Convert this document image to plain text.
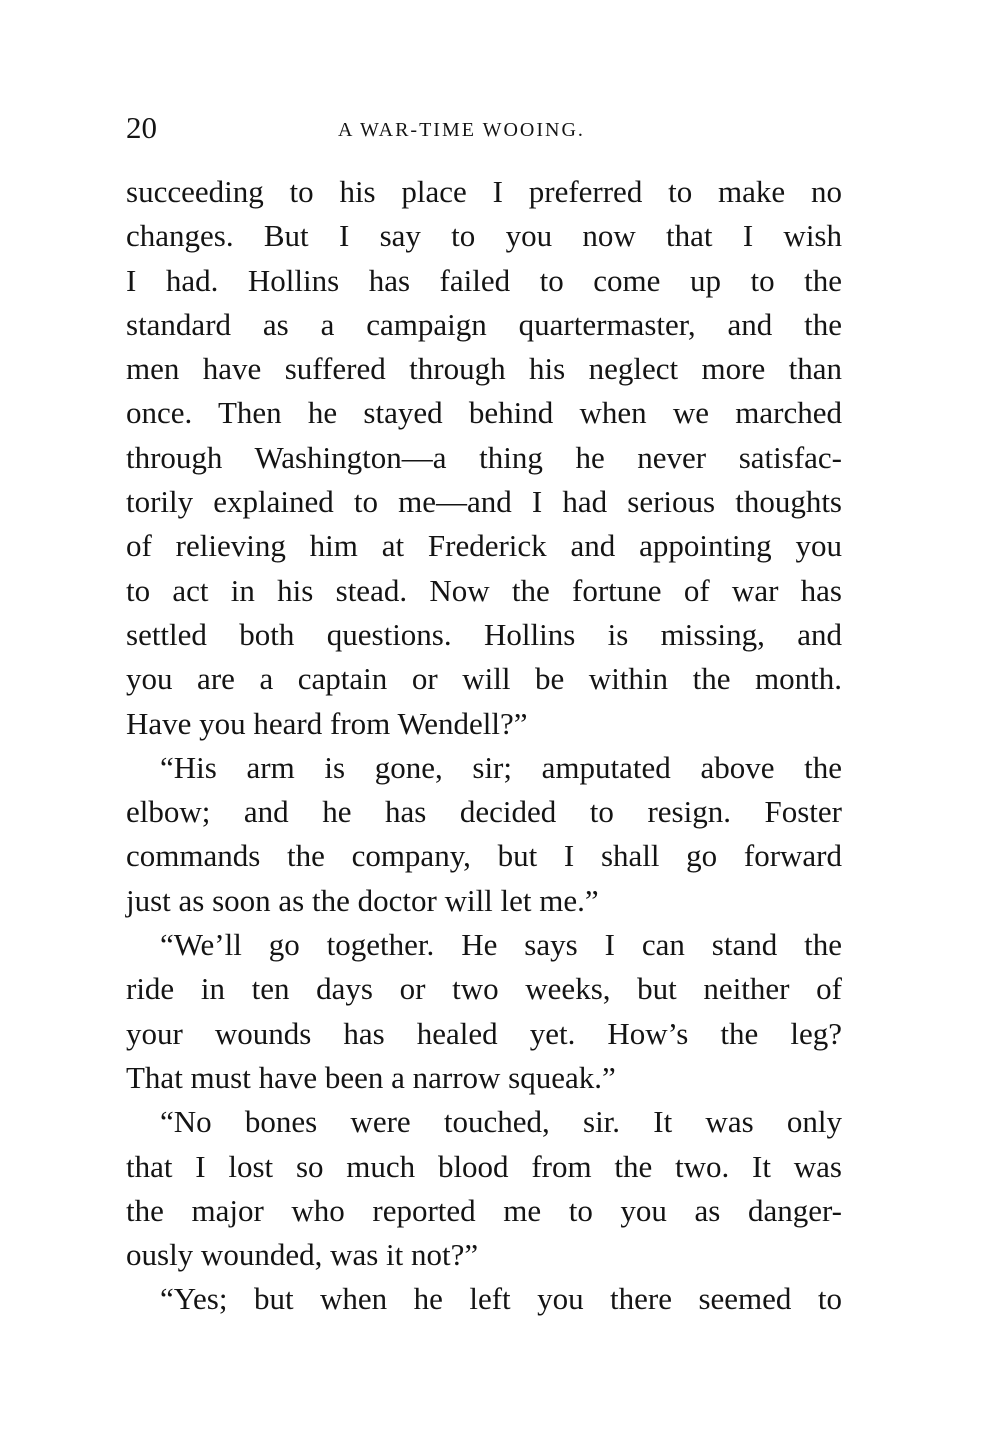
20	A WAR-TIME WOOING.
succeeding to his place I preferred to make no
changes. But I say to you now that I wish
I had. Hollins has failed to come up to the
standard as a campaign quartermaster, and the
men have suffered through his neglect more than
once. Then he stayed behind when we marched
through Washington—a thing he never satisfac-
torily explained to me—and I had serious thoughts
of relieving him at Frederick and appointing you
to act in his stead. Now the fortune of war has
settled both questions. Hollins is missing, and
you are a captain or will be within the month.
Have you heard from Wendell?”
“His arm is gone, sir; amputated above the
elbow; and he has decided to resign. Foster
commands the company, but I shall go forward
just as soon as the doctor will let me.”
“We’ll go together. He says I can stand the
ride in ten days or two weeks, but neither of
your wounds has healed yet. How’s the leg?
That must have been a narrow squeak.”
“No bones were touched, sir. It was only
that I lost so much blood from the two. It was
the major who reported me to you as danger-
ously wounded, was it not?”
“Yes; but when he left you there seemed to
